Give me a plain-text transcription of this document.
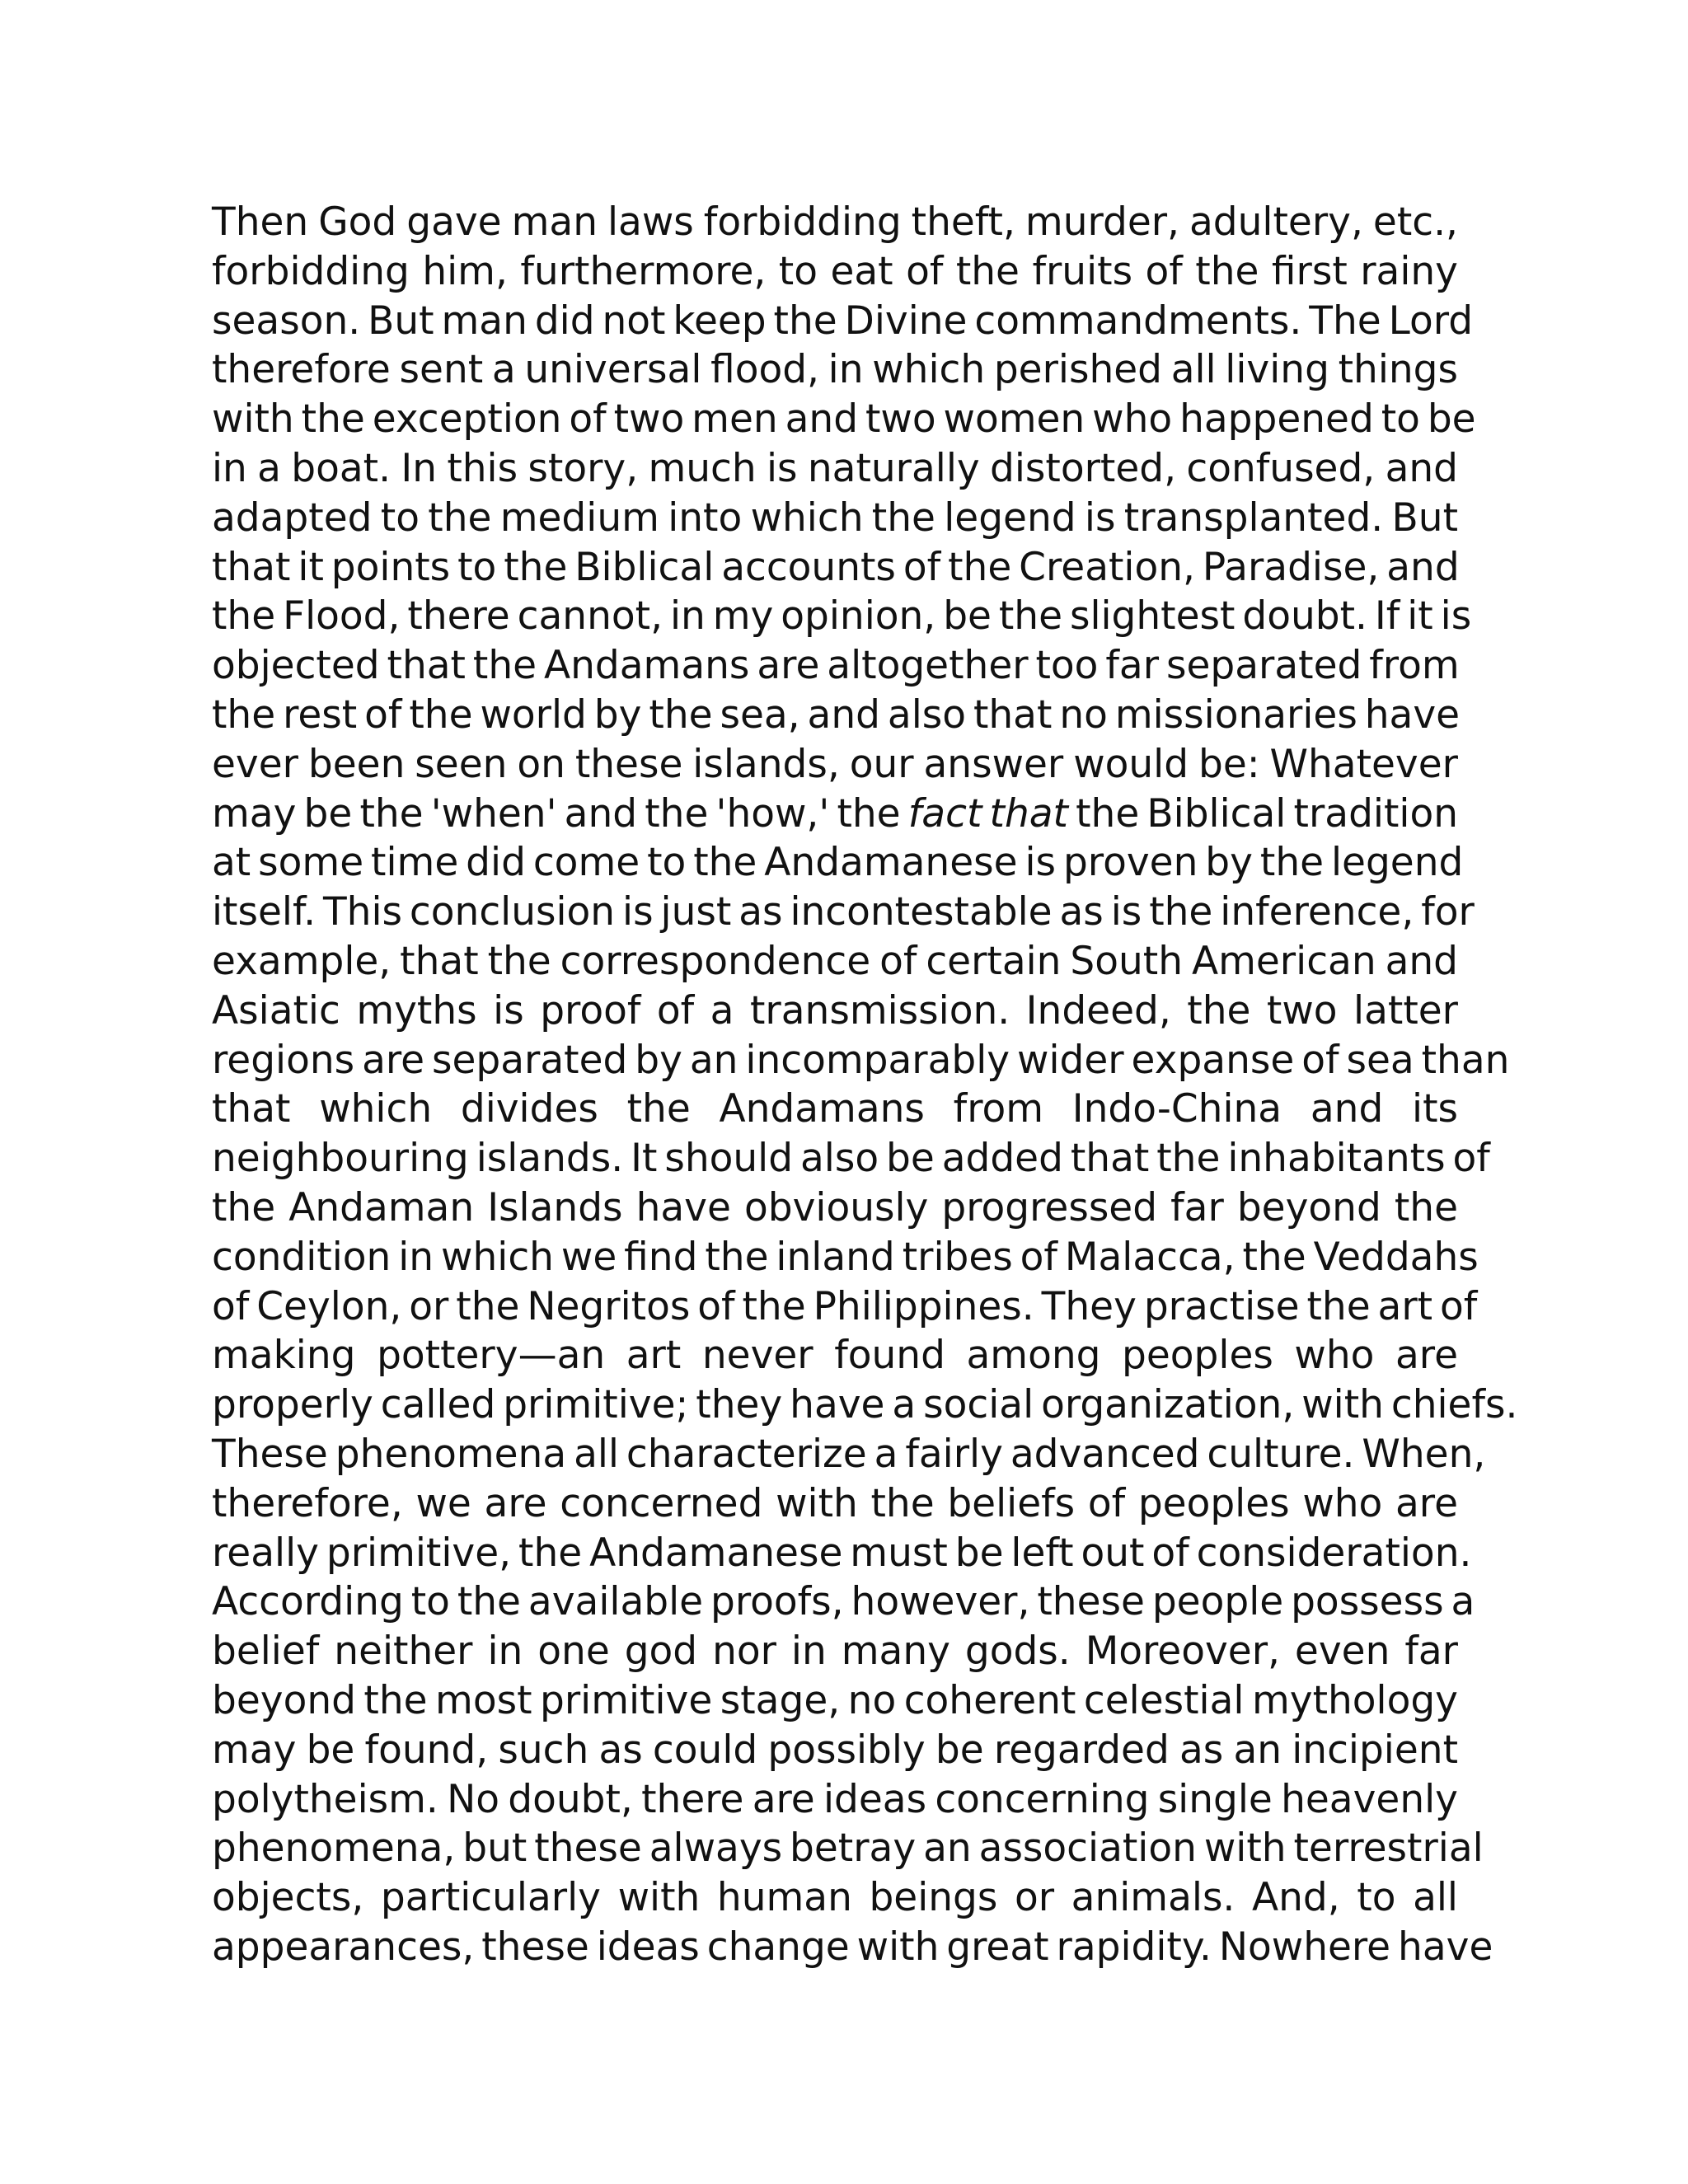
Then God gave man laws forbidding theft, murder, adultery, etc.,
forbidding him, furthermore, to eat of the fruits of the first rainy
season. But man did not keep the Divine commandments. The Lord
therefore sent a universal flood, in which perished all living things
with the exception of two men and two women who happened to be
in a boat. In this story, much is naturally distorted, confused, and
adapted to the medium into which the legend is transplanted. But
that it points to the Biblical accounts of the Creation, Paradise, and
the Flood, there cannot, in my opinion, be the slightest doubt. If it is
objected that the Andamans are altogether too far separated from
the rest of the world by the sea, and also that no missionaries have
ever been seen on these islands, our answer would be: Whatever
may be the 'when' and the 'how,' the fact that the Biblical tradition
at some time did come to the Andamanese is proven by the legend
itself. This conclusion is just as incontestable as is the inference, for
example, that the correspondence of certain South American and
Asiatic myths is proof of a transmission. Indeed, the two latter
regions are separated by an incomparably wider expanse of sea than
that which divides the Andamans from Indo-China and its
neighbouring islands. It should also be added that the inhabitants of
the Andaman Islands have obviously progressed far beyond the
condition in which we find the inland tribes of Malacca, the Veddahs
of Ceylon, or the Negritos of the Philippines. They practise the art of
making pottery—an art never found among peoples who are
properly called primitive; they have a social organization, with chiefs.
These phenomena all characterize a fairly advanced culture. When,
therefore, we are concerned with the beliefs of peoples who are
really primitive, the Andamanese must be left out of consideration.
According to the available proofs, however, these people possess a
belief neither in one god nor in many gods. Moreover, even far
beyond the most primitive stage, no coherent celestial mythology
may be found, such as could possibly be regarded as an incipient
polytheism. No doubt, there are ideas concerning single heavenly
phenomena, but these always betray an association with terrestrial
objects, particularly with human beings or animals. And, to all
appearances, these ideas change with great rapidity. Nowhere have
